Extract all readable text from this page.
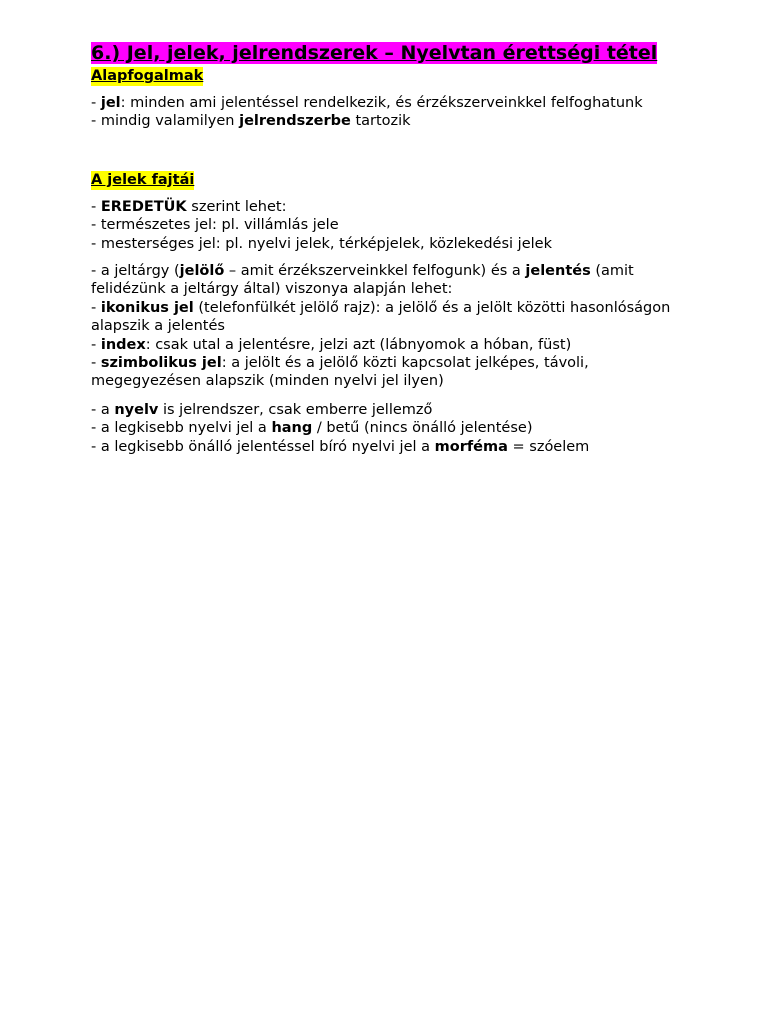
6.) Jel, jelek, jelrendszerek – Nyelvtan érettségi tétel
Alapfogalmak

- jel: minden ami jelentéssel rendelkezik, és érzékszerveinkkel felfoghatunk

- mindig valamilyen jelrendszerbe tartozik

A jelek fajtái

- EREDETÜK szerint lehet:

- természetes jel: pl. villámlás jele

- mesterséges jel: pl. nyelvi jelek, térképjelek, közlekedési jelek

- a jeltárgy (jelölő – amit érzékszerveinkkel felfogunk) és a jelentés (amit felidézünk a jeltárgy által) viszonya alapján lehet:

- ikonikus jel (telefonfülkét jelölő rajz): a jelölő és a jelölt közötti hasonlóságon alapszik a jelentés

- index: csak utal a jelentésre, jelzi azt (lábnyomok a hóban, füst)

- szimbolikus jel: a jelölt és a jelölő közti kapcsolat jelképes, távoli, megegyezésen alapszik (minden nyelvi jel ilyen)

- a nyelv is jelrendszer, csak emberre jellemző

- a legkisebb nyelvi jel a hang / betű (nincs önálló jelentése)

- a legkisebb önálló jelentéssel bíró nyelvi jel a morféma = szóelem
